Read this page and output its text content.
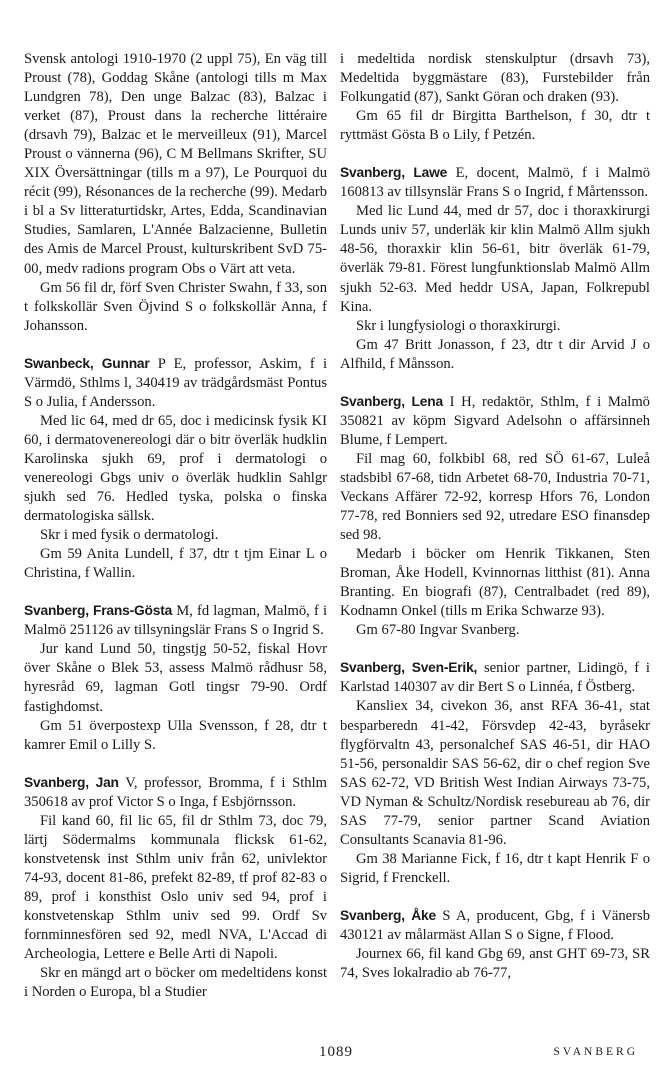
Svensk antologi 1910-1970 (2 uppl 75), En väg till Proust (78), Goddag Skåne (antologi tills m Max Lundgren 78), Den unge Balzac (83), Balzac i verket (87), Proust dans la recherche littéraire (drsavh 79), Balzac et le merveilleux (91), Marcel Proust o vännerna (96), C M Bellmans Skrifter, SU XIX Översättningar (tills m a 97), Le Pourquoi du récit (99), Résonances de la recherche (99). Medarb i bl a Sv litteraturtidskr, Artes, Edda, Scandinavian Studies, Samlaren, L'Année Balzacienne, Bulletin des Amis de Marcel Proust, kulturskribent SvD 75-00, medv radions program Obs o Värt att veta.

Gm 56 fil dr, förf Sven Christer Swahn, f 33, son t folkskollär Sven Öjvind S o folkskollär Anna, f Johansson.

Swanbeck, Gunnar P E, professor, Askim, f i Värmdö, Sthlms l, 340419 av trädgårdsmäst Pontus S o Julia, f Andersson.

Med lic 64, med dr 65, doc i medicinsk fysik KI 60, i dermatovenereologi där o bitr överläk hudklin Karolinska sjukh 69, prof i dermatologi o venereologi Gbgs univ o överläk hudklin Sahlgr sjukh sed 76. Hedled tyska, polska o finska dermatologiska sällsk.

Skr i med fysik o dermatologi.

Gm 59 Anita Lundell, f 37, dtr t tjm Einar L o Christina, f Wallin.

Svanberg, Frans-Gösta M, fd lagman, Malmö, f i Malmö 251126 av tillsyningslär Frans S o Ingrid S.

Jur kand Lund 50, tingstjg 50-52, fiskal Hovr över Skåne o Blek 53, assess Malmö rådhusr 58, hyresråd 69, lagman Gotl tingsr 79-90. Ordf fastighdomst.

Gm 51 överpostexp Ulla Svensson, f 28, dtr t kamrer Emil o Lilly S.

Svanberg, Jan V, professor, Bromma, f i Sthlm 350618 av prof Victor S o Inga, f Esbjörnsson.

Fil kand 60, fil lic 65, fil dr Sthlm 73, doc 79, lärtj Södermalms kommunala flicksk 61-62, konstvetensk inst Sthlm univ från 62, univlektor 74-93, docent 81-86, prefekt 82-89, tf prof 82-83 o 89, prof i konsthist Oslo univ sed 94, prof i konstvetenskap Sthlm univ sed 99. Ordf Sv fornminnesfören sed 92, medl NVA, L'Accad di Archeologia, Lettere e Belle Arti di Napoli.

Skr en mängd art o böcker om medeltidens konst i Norden o Europa, bl a Studier

i medeltida nordisk stenskulptur (drsavh 73), Medeltida byggmästare (83), Furstebilder från Folkungatid (87), Sankt Göran och draken (93).

Gm 65 fil dr Birgitta Barthelson, f 30, dtr t ryttmäst Gösta B o Lily, f Petzén.

Svanberg, Lawe E, docent, Malmö, f i Malmö 160813 av tillsynslär Frans S o Ingrid, f Mårtensson.

Med lic Lund 44, med dr 57, doc i thoraxkirurgi Lunds univ 57, underläk kir klin Malmö Allm sjukh 48-56, thoraxkir klin 56-61, bitr överläk 61-79, överläk 79-81. Förest lungfunktionslab Malmö Allm sjukh 52-63. Med heddr USA, Japan, Folkrepubl Kina.

Skr i lungfysiologi o thoraxkirurgi.

Gm 47 Britt Jonasson, f 23, dtr t dir Arvid J o Alfhild, f Månsson.

Svanberg, Lena I H, redaktör, Sthlm, f i Malmö 350821 av köpm Sigvard Adelsohn o affärsinneh Blume, f Lempert.

Fil mag 60, folkbibl 68, red SÖ 61-67, Luleå stadsbibl 67-68, tidn Arbetet 68-70, Industria 70-71, Veckans Affärer 72-92, korresp Hfors 76, London 77-78, red Bonniers sed 92, utredare ESO finansdep sed 98.

Medarb i böcker om Henrik Tikkanen, Sten Broman, Åke Hodell, Kvinnornas litthist (81). Anna Branting. En biografi (87), Centralbadet (red 89), Kodnamn Onkel (tills m Erika Schwarze 93).

Gm 67-80 Ingvar Svanberg.

Svanberg, Sven-Erik, senior partner, Lidingö, f i Karlstad 140307 av dir Bert S o Linnéa, f Östberg.

Kansliex 34, civekon 36, anst RFA 36-41, stat besparberedn 41-42, Försvdep 42-43, byråsekr flygförvaltn 43, personalchef SAS 46-51, dir HAO 51-56, personaldir SAS 56-62, dir o chef region Sve SAS 62-72, VD British West Indian Airways 73-75, VD Nyman & Schultz/Nordisk resebureau ab 76, dir SAS 77-79, senior partner Scand Aviation Consultants Scanavia 81-96.

Gm 38 Marianne Fick, f 16, dtr t kapt Henrik F o Sigrid, f Frenckell.

Svanberg, Åke S A, producent, Gbg, f i Vänersb 430121 av målarmäst Allan S o Signe, f Flood.

Journex 66, fil kand Gbg 69, anst GHT 69-73, SR 74, Sves lokalradio ab 76-77,

1089	SVANBERG
